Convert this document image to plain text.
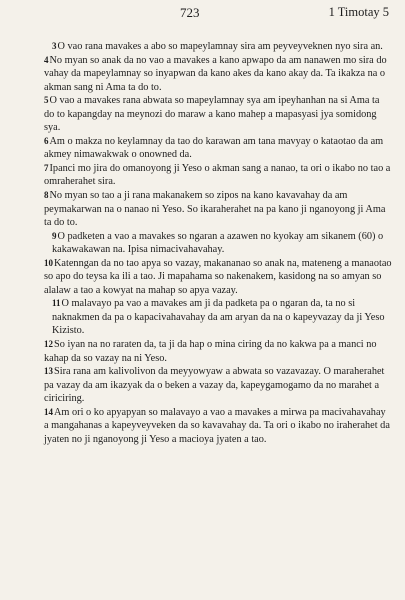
723	1 Timotay 5

3O vao rana mavakes a abo so mapeylamnay sira am peyveyveknen nyo sira an.

4No myan so anak da no vao a mavakes a kano apwapo da am nanawen mo sira do vahay da mapeylamnay so inyapwan da kano akes da kano akay da. Ta ikakza na o akman sang ni Ama ta do to.

5O vao a mavakes rana abwata so mapeylamnay sya am ipeyhanhan na si Ama ta do to kapangday na meynozi do maraw a kano mahep a mapasyasi jya somidong sya.

6Am o makza no keylamnay da tao do karawan am tana mavyay o kataotao da am akmey nimawakwak o onowned da.

7Ipanci mo jira do omanoyong ji Yeso o akman sang a nanao, ta ori o ikabo no tao a omraherahet sira.

8No myan so tao a ji rana makanakem so zipos na kano kavavahay da am peymakarwan na o nanao ni Yeso. So ikaraherahet na pa kano ji nganoyong ji Ama ta do to.

9O padketen a vao a mavakes so ngaran a azawen no kyokay am sikanem (60) o kakawakawan na. Ipisa nimacivahavahay.

10Katenngan da no tao apya so vazay, makananao so anak na, mateneng a manaotao so apo do teysa ka ili a tao. Ji mapahama so nakenakem, kasidong na so amyan so alalaw a tao a kowyat na mahap so apya vazay.

11O malavayo pa vao a mavakes am ji da padketa pa o ngaran da, ta no si naknakmen da pa o kapacivahavahay da am aryan da na o kapeyvazay da ji Yeso Kizisto.

12So iyan na no raraten da, ta ji da hap o mina ciring da no kakwa pa a manci no kahap da so vazay na ni Yeso.

13Sira rana am kalivolivon da meyyowyaw a abwata so vazavazay. O maraherahet pa vazay da am ikazyak da o beken a vazay da, kapeygamogamo da no marahet a ciriciring.

14Am ori o ko apyapyan so malavayo a vao a mavakes a mirwa pa macivahavahay a mangahanas a kapeyveyveken da so kavavahay da. Ta ori o ikabo no iraherahet da jyaten no ji nganoyong ji Yeso a macioya jyaten a tao.
